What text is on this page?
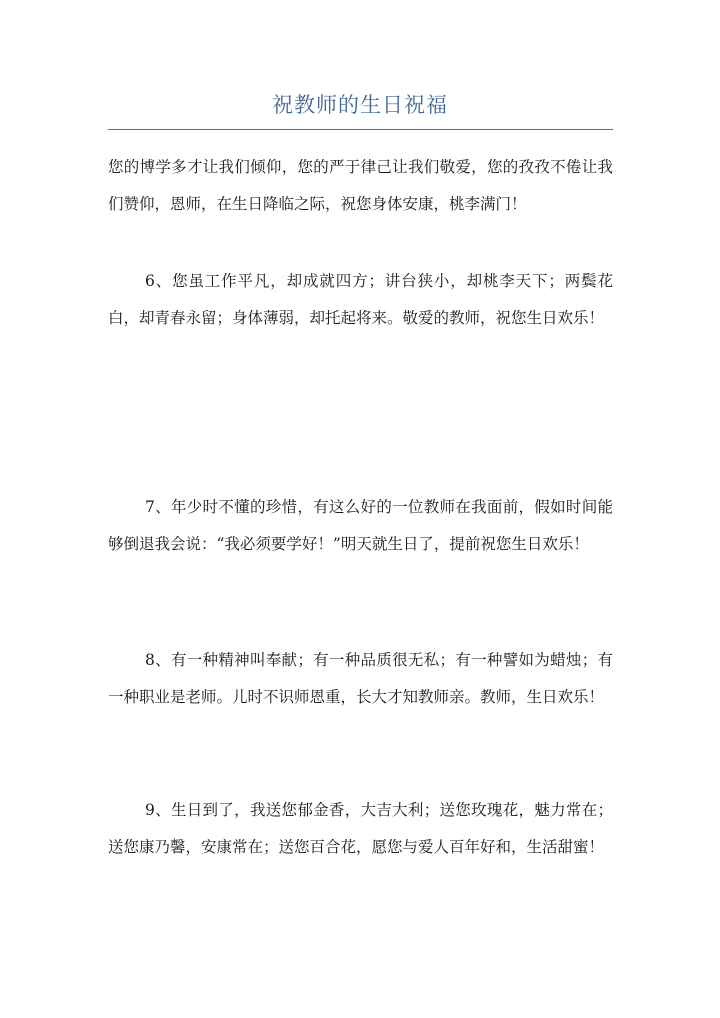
祝教师的生日祝福

您的博学多才让我们倾仰，您的严于律己让我们敬爱，您的孜孜不倦让我们赞仰，恩师，在生日降临之际，祝您身体安康，桃李满门！

6、您虽工作平凡，却成就四方；讲台狭小，却桃李天下；两鬓花白，却青春永留；身体薄弱，却托起将来。敬爱的教师，祝您生日欢乐！

7、年少时不懂的珍惜，有这么好的一位教师在我面前，假如时间能够倒退我会说：“我必须要学好！”明天就生日了，提前祝您生日欢乐！

8、有一种精神叫奉献；有一种品质很无私；有一种譬如为蜡烛；有一种职业是老师。儿时不识师恩重，长大才知教师亲。教师，生日欢乐！

9、生日到了，我送您郁金香，大吉大利；送您玫瑰花，魅力常在；送您康乃馨，安康常在；送您百合花，愿您与爱人百年好和，生活甜蜜！
